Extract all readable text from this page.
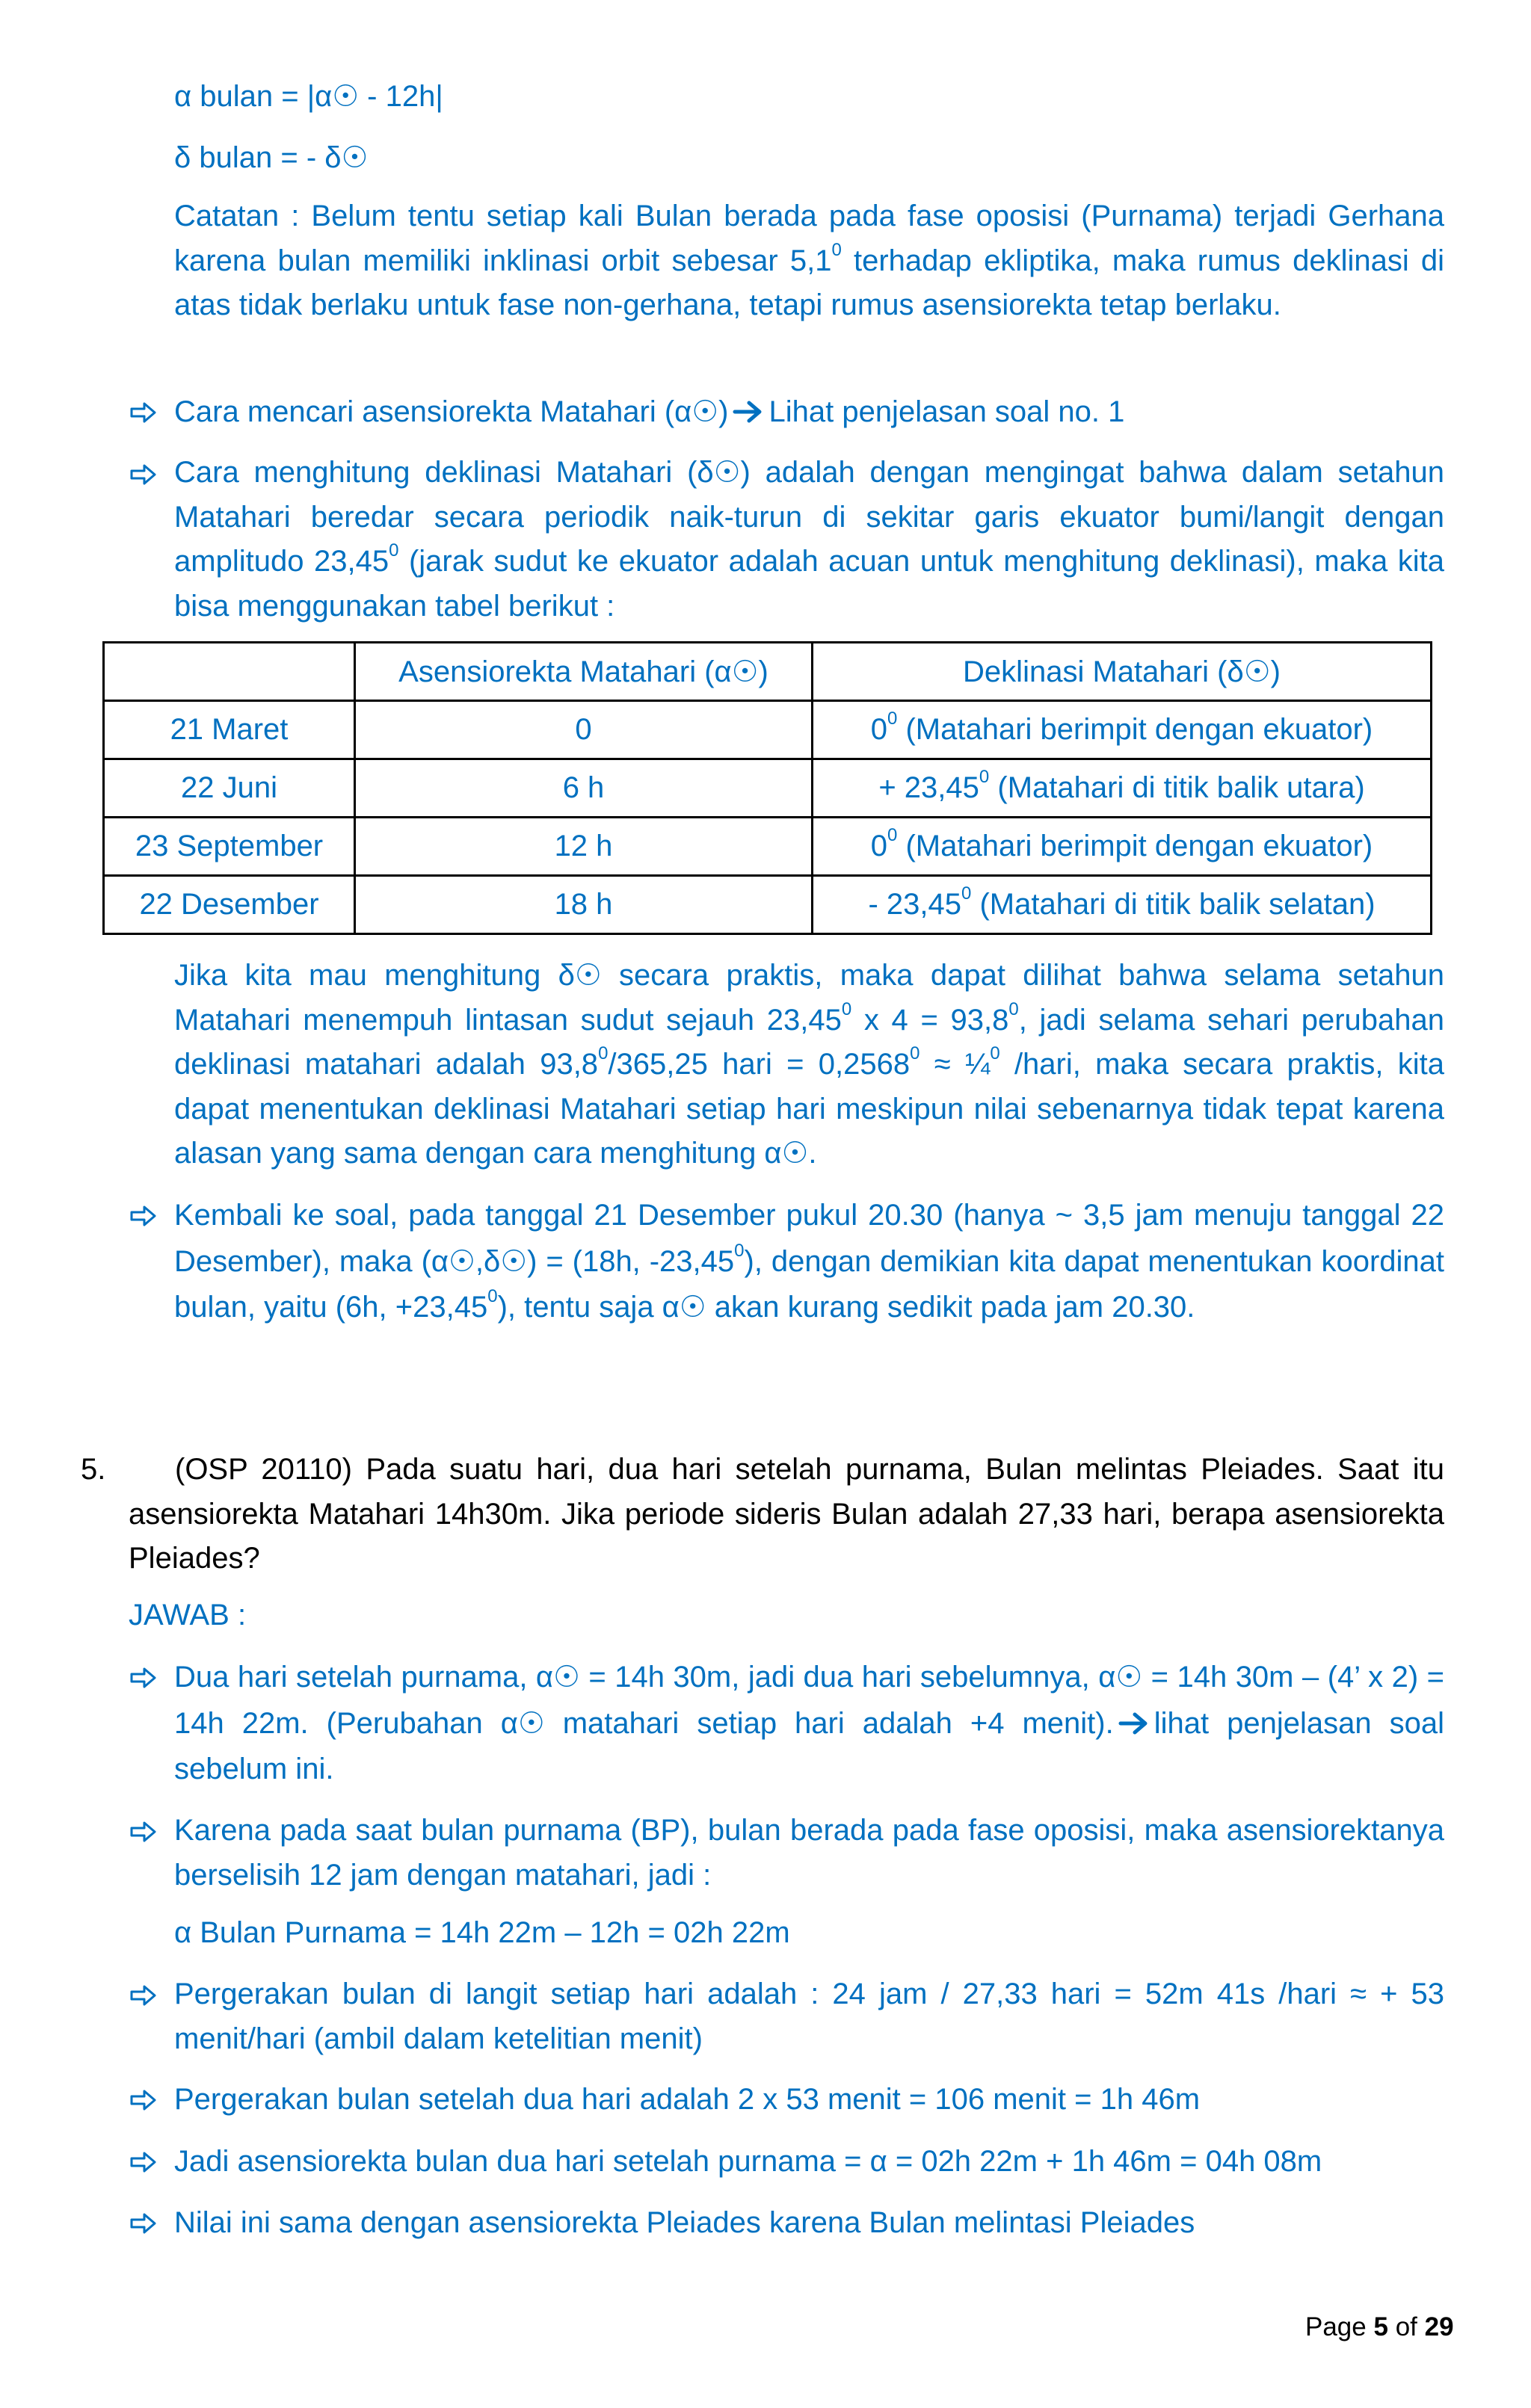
α bulan = |α☉ - 12h|
δ bulan = - δ☉
Catatan : Belum tentu setiap kali Bulan berada pada fase oposisi (Purnama) terjadi Gerhana karena bulan memiliki inklinasi orbit sebesar $5,1^0$ terhadap ekliptika, maka rumus deklinasi di atas tidak berlaku untuk fase non-gerhana, tetapi rumus asensiorekta tetap berlaku.
Cara mencari asensiorekta Matahari (α☉) Lihat penjelasan soal no. 1
Cara menghitung deklinasi Matahari (δ☉) adalah dengan mengingat bahwa dalam setahun Matahari beredar secara periodik naik-turun di sekitar garis ekuator bumi/langit dengan amplitudo 23,45$^0$ (jarak sudut ke ekuator adalah acuan untuk menghitung deklinasi), maka kita bisa menggunakan tabel berikut :
	Asensiorekta Matahari (α☉)	Deklinasi Matahari (δ☉)
21 Maret	0	$0^0$ (Matahari berimpit dengan ekuator)
22 Juni	6 h	+ $23,45^0$ (Matahari di titik balik utara)
23 September	12 h	$0^0$ (Matahari berimpit dengan ekuator)
22 Desember	18 h	- 23,45$^0$ (Matahari di titik balik selatan)
Jika kita mau menghitung δ☉ secara praktis, maka dapat dilihat bahwa selama setahun Matahari menempuh lintasan sudut sejauh 23,45$^0$ x $4 = 93,8^0$, jadi selama sehari perubahan deklinasi matahari adalah 93,8$^0$/365,25 hari = $0,2568^0$ ≈ ¼$^0$ /hari, maka secara praktis, kita dapat menentukan deklinasi Matahari setiap hari meskipun nilai sebenarnya tidak tepat karena alasan yang sama dengan cara menghitung α☉.
Kembali ke soal, pada tanggal 21 Desember pukul 20.30 (hanya ~ 3,5 jam menuju tanggal 22 Desember), maka (α☉,δ☉) = (18h, -23,45$^0$), dengan demikian kita dapat menentukan koordinat bulan, yaitu (6h, $+23,45^0$), tentu saja α☉ akan kurang sedikit pada jam 20.30.
5.	(OSP 20110) Pada suatu hari, dua hari setelah purnama, Bulan melintas Pleiades. Saat itu asensiorekta Matahari 14h30m. Jika periode sideris Bulan adalah 27,33 hari, berapa asensiorekta Pleiades?
JAWAB :
Dua hari setelah purnama, α☉ = 14h 30m, jadi dua hari sebelumnya, α☉ = 14h 30m – (4’ x 2) = 14h 22m. (Perubahan α☉ matahari setiap hari adalah +4 menit). lihat penjelasan soal sebelum ini.
Karena pada saat bulan purnama (BP), bulan berada pada fase oposisi, maka asensiorektanya berselisih 12 jam dengan matahari, jadi :
α Bulan Purnama = 14h 22m – 12h = 02h 22m
Pergerakan bulan di langit setiap hari adalah : 24 jam / 27,33 hari = 52m 41s /hari ≈ + 53 menit/hari (ambil dalam ketelitian menit)
Pergerakan bulan setelah dua hari adalah 2 x 53 menit = 106 menit = 1h 46m
Jadi asensiorekta bulan dua hari setelah purnama = α = 02h 22m + 1h 46m = 04h 08m
Nilai ini sama dengan asensiorekta Pleiades karena Bulan melintasi Pleiades
Page 5 of 29
